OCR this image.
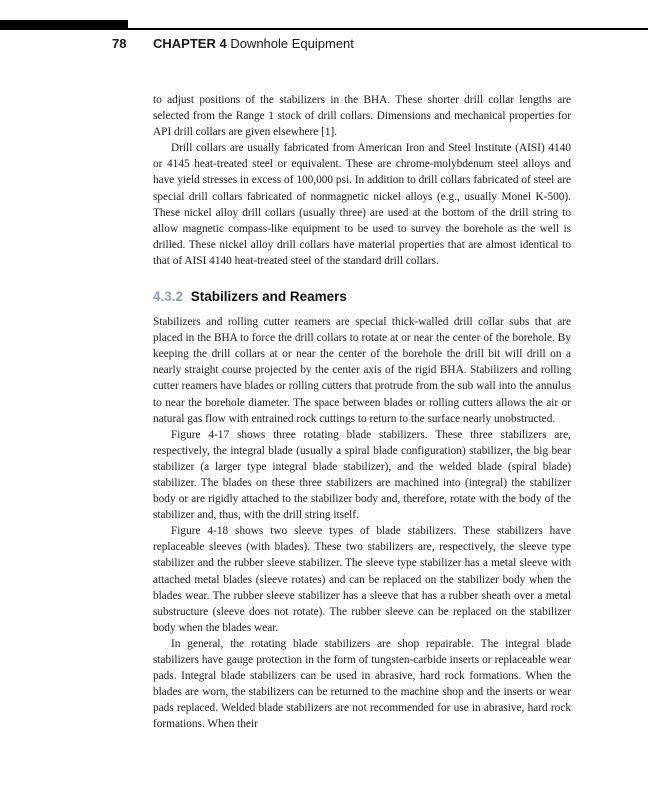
78 CHAPTER 4 Downhole Equipment

to adjust positions of the stabilizers in the BHA. These shorter drill collar lengths are selected from the Range 1 stock of drill collars. Dimensions and mechanical properties for API drill collars are given elsewhere [1].

Drill collars are usually fabricated from American Iron and Steel Institute (AISI) 4140 or 4145 heat-treated steel or equivalent. These are chrome-molybdenum steel alloys and have yield stresses in excess of 100,000 psi. In addition to drill collars fabricated of steel are special drill collars fabricated of nonmagnetic nickel alloys (e.g., usually Monel K-500). These nickel alloy drill collars (usually three) are used at the bottom of the drill string to allow magnetic compass-like equipment to be used to survey the borehole as the well is drilled. These nickel alloy drill collars have material properties that are almost identical to that of AISI 4140 heat-treated steel of the standard drill collars.

4.3.2 Stabilizers and Reamers

Stabilizers and rolling cutter reamers are special thick-walled drill collar subs that are placed in the BHA to force the drill collars to rotate at or near the center of the borehole. By keeping the drill collars at or near the center of the borehole the drill bit will drill on a nearly straight course projected by the center axis of the rigid BHA. Stabilizers and rolling cutter reamers have blades or rolling cutters that protrude from the sub wall into the annulus to near the borehole diameter. The space between blades or rolling cutters allows the air or natural gas flow with entrained rock cuttings to return to the surface nearly unobstructed.

Figure 4-17 shows three rotating blade stabilizers. These three stabilizers are, respectively, the integral blade (usually a spiral blade configuration) stabilizer, the big bear stabilizer (a larger type integral blade stabilizer), and the welded blade (spiral blade) stabilizer. The blades on these three stabilizers are machined into (integral) the stabilizer body or are rigidly attached to the stabilizer body and, therefore, rotate with the body of the stabilizer and, thus, with the drill string itself.

Figure 4-18 shows two sleeve types of blade stabilizers. These stabilizers have replaceable sleeves (with blades). These two stabilizers are, respectively, the sleeve type stabilizer and the rubber sleeve stabilizer. The sleeve type stabilizer has a metal sleeve with attached metal blades (sleeve rotates) and can be replaced on the stabilizer body when the blades wear. The rubber sleeve stabilizer has a sleeve that has a rubber sheath over a metal substructure (sleeve does not rotate). The rubber sleeve can be replaced on the stabilizer body when the blades wear.

In general, the rotating blade stabilizers are shop repairable. The integral blade stabilizers have gauge protection in the form of tungsten-carbide inserts or replaceable wear pads. Integral blade stabilizers can be used in abrasive, hard rock formations. When the blades are worn, the stabilizers can be returned to the machine shop and the inserts or wear pads replaced. Welded blade stabilizers are not recommended for use in abrasive, hard rock formations. When their
